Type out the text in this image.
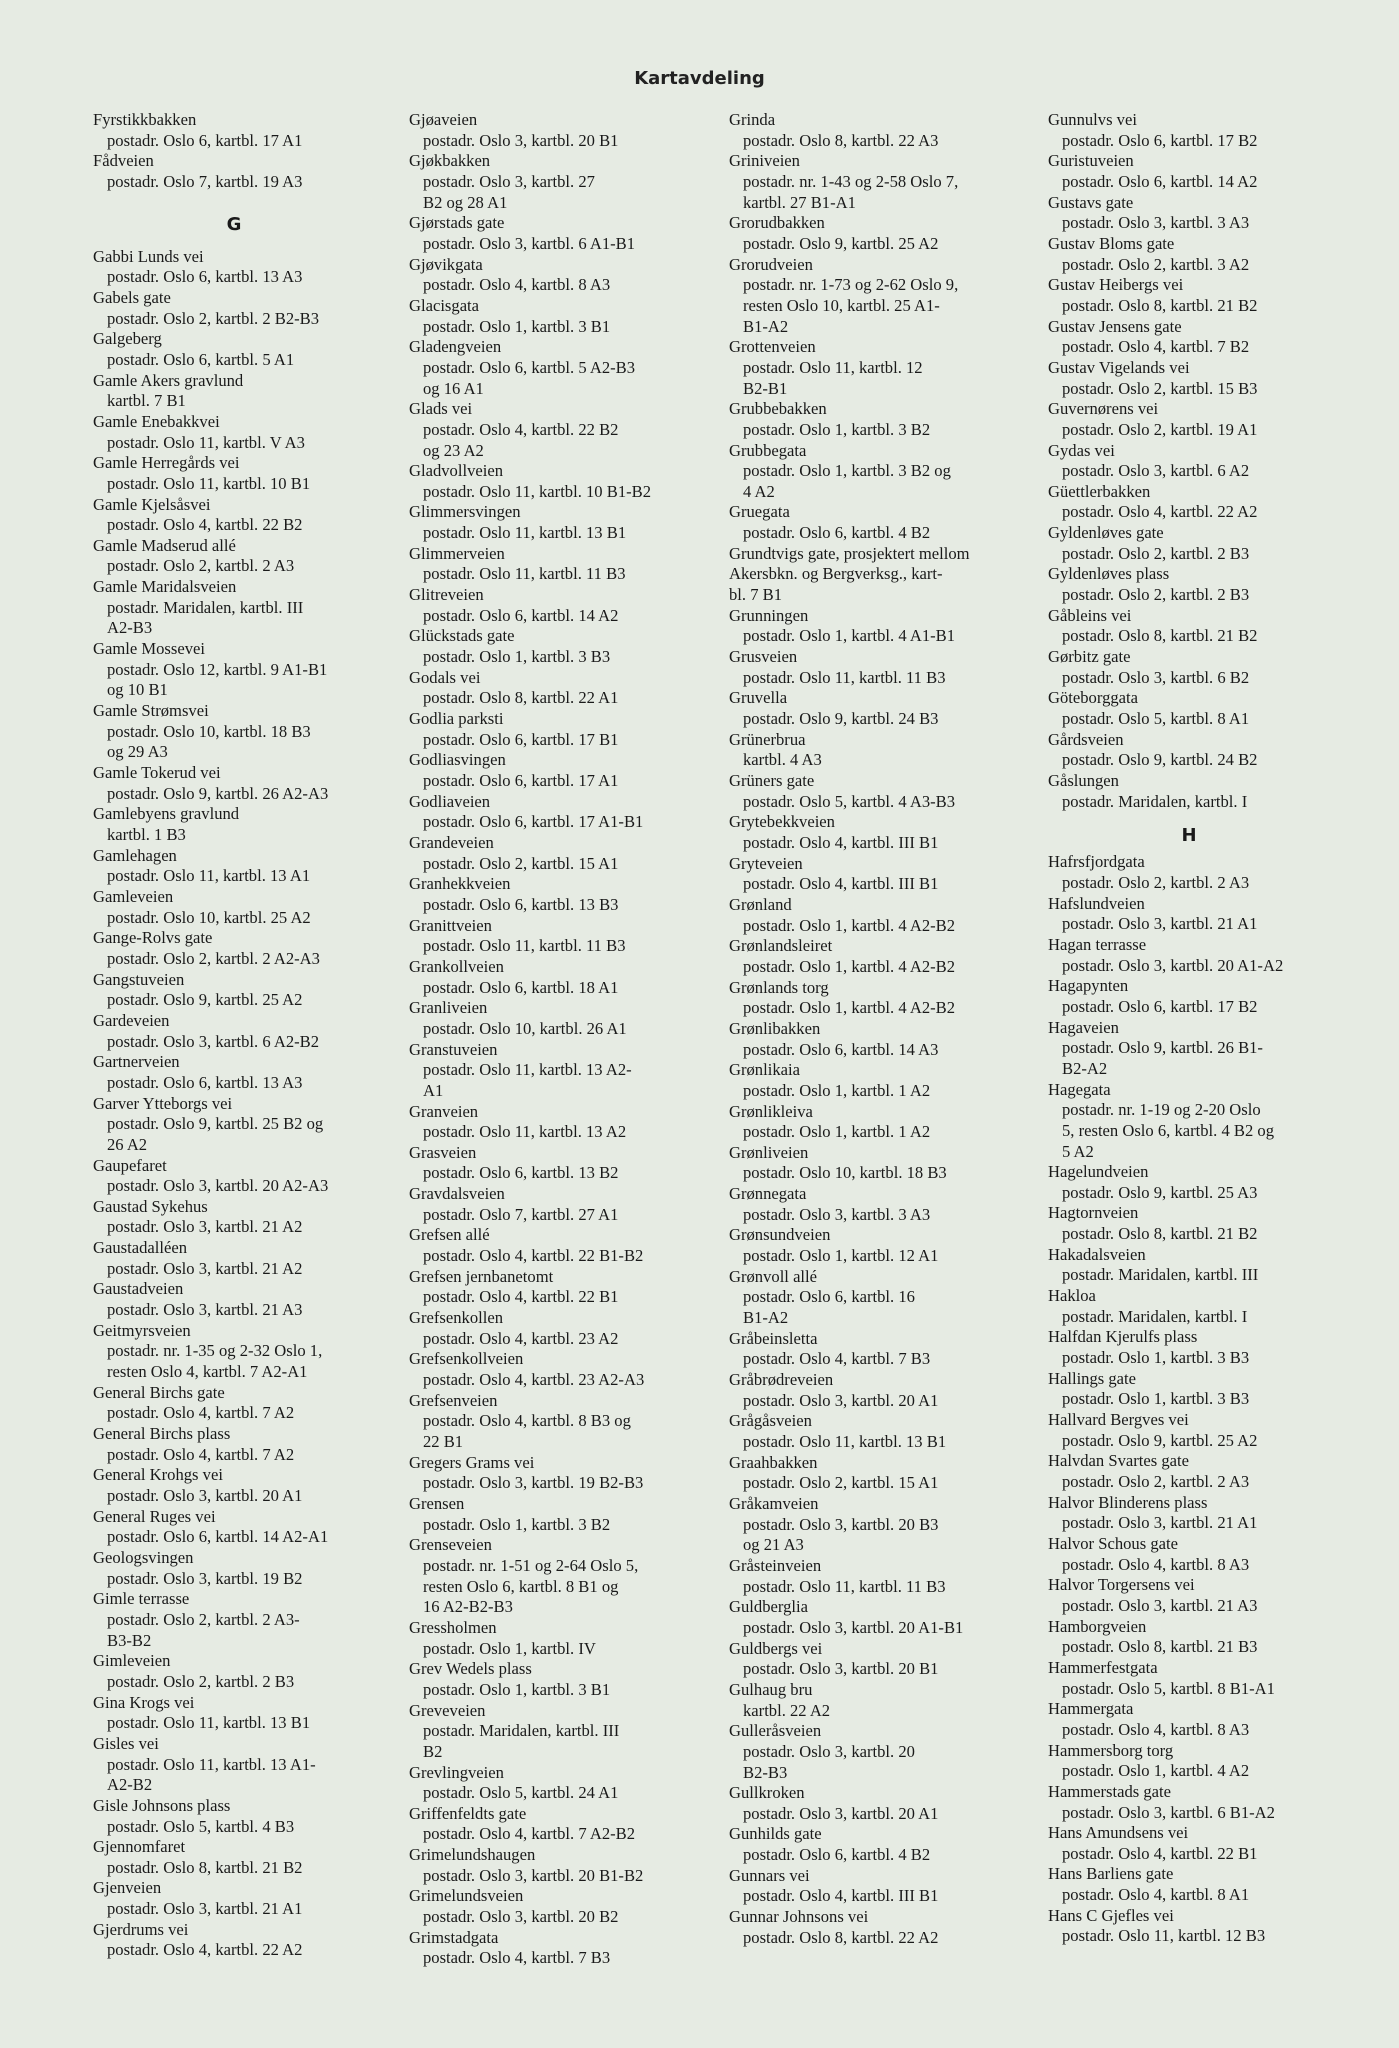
Kartavdeling
Fyrstikkbakken
postadr. Oslo 6, kartbl. 17 A1
Fådveien
postadr. Oslo 7, kartbl. 19 A3
G
Gabbi Lunds vei
postadr. Oslo 6, kartbl. 13 A3
Gabels gate
postadr. Oslo 2, kartbl. 2 B2-B3
Galgeberg
postadr. Oslo 6, kartbl. 5 A1
Gamle Akers gravlund
kartbl. 7 B1
Gamle Enebakkvei
postadr. Oslo 11, kartbl. V A3
Gamle Herregårds vei
postadr. Oslo 11, kartbl. 10 B1
Gamle Kjelsåsvei
postadr. Oslo 4, kartbl. 22 B2
Gamle Madserud allé
postadr. Oslo 2, kartbl. 2 A3
Gamle Maridalsveien
postadr. Maridalen, kartbl. III
A2-B3
Gamle Mossevei
postadr. Oslo 12, kartbl. 9 A1-B1
og 10 B1
Gamle Strømsvei
postadr. Oslo 10, kartbl. 18 B3
og 29 A3
Gamle Tokerud vei
postadr. Oslo 9, kartbl. 26 A2-A3
Gamlebyens gravlund
kartbl. 1 B3
Gamlehagen
postadr. Oslo 11, kartbl. 13 A1
Gamleveien
postadr. Oslo 10, kartbl. 25 A2
Gange-Rolvs gate
postadr. Oslo 2, kartbl. 2 A2-A3
Gangstuveien
postadr. Oslo 9, kartbl. 25 A2
Gardeveien
postadr. Oslo 3, kartbl. 6 A2-B2
Gartnerveien
postadr. Oslo 6, kartbl. 13 A3
Garver Ytteborgs vei
postadr. Oslo 9, kartbl. 25 B2 og
26 A2
Gaupefaret
postadr. Oslo 3, kartbl. 20 A2-A3
Gaustad Sykehus
postadr. Oslo 3, kartbl. 21 A2
Gaustadalléen
postadr. Oslo 3, kartbl. 21 A2
Gaustadveien
postadr. Oslo 3, kartbl. 21 A3
Geitmyrsveien
postadr. nr. 1-35 og 2-32 Oslo 1,
resten Oslo 4, kartbl. 7 A2-A1
General Birchs gate
postadr. Oslo 4, kartbl. 7 A2
General Birchs plass
postadr. Oslo 4, kartbl. 7 A2
General Krohgs vei
postadr. Oslo 3, kartbl. 20 A1
General Ruges vei
postadr. Oslo 6, kartbl. 14 A2-A1
Geologsvingen
postadr. Oslo 3, kartbl. 19 B2
Gimle terrasse
postadr. Oslo 2, kartbl. 2 A3-
B3-B2
Gimleveien
postadr. Oslo 2, kartbl. 2 B3
Gina Krogs vei
postadr. Oslo 11, kartbl. 13 B1
Gisles vei
postadr. Oslo 11, kartbl. 13 A1-
A2-B2
Gisle Johnsons plass
postadr. Oslo 5, kartbl. 4 B3
Gjennomfaret
postadr. Oslo 8, kartbl. 21 B2
Gjenveien
postadr. Oslo 3, kartbl. 21 A1
Gjerdrums vei
postadr. Oslo 4, kartbl. 22 A2
Gjøaveien
postadr. Oslo 3, kartbl. 20 B1
Gjøkbakken
postadr. Oslo 3, kartbl. 27
B2 og 28 A1
Gjørstads gate
postadr. Oslo 3, kartbl. 6 A1-B1
Gjøvikgata
postadr. Oslo 4, kartbl. 8 A3
Glacisgata
postadr. Oslo 1, kartbl. 3 B1
Gladengveien
postadr. Oslo 6, kartbl. 5 A2-B3
og 16 A1
Glads vei
postadr. Oslo 4, kartbl. 22 B2
og 23 A2
Gladvollveien
postadr. Oslo 11, kartbl. 10 B1-B2
Glimmersvingen
postadr. Oslo 11, kartbl. 13 B1
Glimmerveien
postadr. Oslo 11, kartbl. 11 B3
Glitreveien
postadr. Oslo 6, kartbl. 14 A2
Glückstads gate
postadr. Oslo 1, kartbl. 3 B3
Godals vei
postadr. Oslo 8, kartbl. 22 A1
Godlia parksti
postadr. Oslo 6, kartbl. 17 B1
Godliasvingen
postadr. Oslo 6, kartbl. 17 A1
Godliaveien
postadr. Oslo 6, kartbl. 17 A1-B1
Grandeveien
postadr. Oslo 2, kartbl. 15 A1
Granhekkveien
postadr. Oslo 6, kartbl. 13 B3
Granittveien
postadr. Oslo 11, kartbl. 11 B3
Grankollveien
postadr. Oslo 6, kartbl. 18 A1
Granliveien
postadr. Oslo 10, kartbl. 26 A1
Granstuveien
postadr. Oslo 11, kartbl. 13 A2-
A1
Granveien
postadr. Oslo 11, kartbl. 13 A2
Grasveien
postadr. Oslo 6, kartbl. 13 B2
Gravdalsveien
postadr. Oslo 7, kartbl. 27 A1
Grefsen allé
postadr. Oslo 4, kartbl. 22 B1-B2
Grefsen jernbanetomt
postadr. Oslo 4, kartbl. 22 B1
Grefsenkollen
postadr. Oslo 4, kartbl. 23 A2
Grefsenkollveien
postadr. Oslo 4, kartbl. 23 A2-A3
Grefsenveien
postadr. Oslo 4, kartbl. 8 B3 og
22 B1
Gregers Grams vei
postadr. Oslo 3, kartbl. 19 B2-B3
Grensen
postadr. Oslo 1, kartbl. 3 B2
Grenseveien
postadr. nr. 1-51 og 2-64 Oslo 5,
resten Oslo 6, kartbl. 8 B1 og
16 A2-B2-B3
Gressholmen
postadr. Oslo 1, kartbl. IV
Grev Wedels plass
postadr. Oslo 1, kartbl. 3 B1
Greveveien
postadr. Maridalen, kartbl. III
B2
Grevlingveien
postadr. Oslo 5, kartbl. 24 A1
Griffenfeldts gate
postadr. Oslo 4, kartbl. 7 A2-B2
Grimelundshaugen
postadr. Oslo 3, kartbl. 20 B1-B2
Grimelundsveien
postadr. Oslo 3, kartbl. 20 B2
Grimstadgata
postadr. Oslo 4, kartbl. 7 B3
Grinda
postadr. Oslo 8, kartbl. 22 A3
Griniveien
postadr. nr. 1-43 og 2-58 Oslo 7,
kartbl. 27 B1-A1
Grorudbakken
postadr. Oslo 9, kartbl. 25 A2
Grorudveien
postadr. nr. 1-73 og 2-62 Oslo 9,
resten Oslo 10, kartbl. 25 A1-
B1-A2
Grottenveien
postadr. Oslo 11, kartbl. 12
B2-B1
Grubbebakken
postadr. Oslo 1, kartbl. 3 B2
Grubbegata
postadr. Oslo 1, kartbl. 3 B2 og
4 A2
Gruegata
postadr. Oslo 6, kartbl. 4 B2
Grundtvigs gate, prosjektert mellom
Akersbkn. og Bergverksg., kart-
bl. 7 B1
Grunningen
postadr. Oslo 1, kartbl. 4 A1-B1
Grusveien
postadr. Oslo 11, kartbl. 11 B3
Gruvella
postadr. Oslo 9, kartbl. 24 B3
Grünerbrua
kartbl. 4 A3
Grüners gate
postadr. Oslo 5, kartbl. 4 A3-B3
Grytebekkveien
postadr. Oslo 4, kartbl. III B1
Gryteveien
postadr. Oslo 4, kartbl. III B1
Grønland
postadr. Oslo 1, kartbl. 4 A2-B2
Grønlandsleiret
postadr. Oslo 1, kartbl. 4 A2-B2
Grønlands torg
postadr. Oslo 1, kartbl. 4 A2-B2
Grønlibakken
postadr. Oslo 6, kartbl. 14 A3
Grønlikaia
postadr. Oslo 1, kartbl. 1 A2
Grønlikleiva
postadr. Oslo 1, kartbl. 1 A2
Grønliveien
postadr. Oslo 10, kartbl. 18 B3
Grønnegata
postadr. Oslo 3, kartbl. 3 A3
Grønsundveien
postadr. Oslo 1, kartbl. 12 A1
Grønvoll allé
postadr. Oslo 6, kartbl. 16
B1-A2
Gråbeinsletta
postadr. Oslo 4, kartbl. 7 B3
Gråbrødreveien
postadr. Oslo 3, kartbl. 20 A1
Grågåsveien
postadr. Oslo 11, kartbl. 13 B1
Graahbakken
postadr. Oslo 2, kartbl. 15 A1
Gråkamveien
postadr. Oslo 3, kartbl. 20 B3
og 21 A3
Gråsteinveien
postadr. Oslo 11, kartbl. 11 B3
Guldberglia
postadr. Oslo 3, kartbl. 20 A1-B1
Guldbergs vei
postadr. Oslo 3, kartbl. 20 B1
Gulhaug bru
kartbl. 22 A2
Gulleråsveien
postadr. Oslo 3, kartbl. 20
B2-B3
Gullkroken
postadr. Oslo 3, kartbl. 20 A1
Gunhilds gate
postadr. Oslo 6, kartbl. 4 B2
Gunnars vei
postadr. Oslo 4, kartbl. III B1
Gunnar Johnsons vei
postadr. Oslo 8, kartbl. 22 A2
Gunnulvs vei
postadr. Oslo 6, kartbl. 17 B2
Guristuveien
postadr. Oslo 6, kartbl. 14 A2
Gustavs gate
postadr. Oslo 3, kartbl. 3 A3
Gustav Bloms gate
postadr. Oslo 2, kartbl. 3 A2
Gustav Heibergs vei
postadr. Oslo 8, kartbl. 21 B2
Gustav Jensens gate
postadr. Oslo 4, kartbl. 7 B2
Gustav Vigelands vei
postadr. Oslo 2, kartbl. 15 B3
Guvernørens vei
postadr. Oslo 2, kartbl. 19 A1
Gydas vei
postadr. Oslo 3, kartbl. 6 A2
Güettlerbakken
postadr. Oslo 4, kartbl. 22 A2
Gyldenløves gate
postadr. Oslo 2, kartbl. 2 B3
Gyldenløves plass
postadr. Oslo 2, kartbl. 2 B3
Gåbleins vei
postadr. Oslo 8, kartbl. 21 B2
Gørbitz gate
postadr. Oslo 3, kartbl. 6 B2
Göteborggata
postadr. Oslo 5, kartbl. 8 A1
Gårdsveien
postadr. Oslo 9, kartbl. 24 B2
Gåslungen
postadr. Maridalen, kartbl. I
H
Hafrsfjordgata
postadr. Oslo 2, kartbl. 2 A3
Hafslundveien
postadr. Oslo 3, kartbl. 21 A1
Hagan terrasse
postadr. Oslo 3, kartbl. 20 A1-A2
Hagapynten
postadr. Oslo 6, kartbl. 17 B2
Hagaveien
postadr. Oslo 9, kartbl. 26 B1-
B2-A2
Hagegata
postadr. nr. 1-19 og 2-20 Oslo
5, resten Oslo 6, kartbl. 4 B2 og
5 A2
Hagelundveien
postadr. Oslo 9, kartbl. 25 A3
Hagtornveien
postadr. Oslo 8, kartbl. 21 B2
Hakadalsveien
postadr. Maridalen, kartbl. III
Hakloa
postadr. Maridalen, kartbl. I
Halfdan Kjerulfs plass
postadr. Oslo 1, kartbl. 3 B3
Hallings gate
postadr. Oslo 1, kartbl. 3 B3
Hallvard Bergves vei
postadr. Oslo 9, kartbl. 25 A2
Halvdan Svartes gate
postadr. Oslo 2, kartbl. 2 A3
Halvor Blinderens plass
postadr. Oslo 3, kartbl. 21 A1
Halvor Schous gate
postadr. Oslo 4, kartbl. 8 A3
Halvor Torgersens vei
postadr. Oslo 3, kartbl. 21 A3
Hamborgveien
postadr. Oslo 8, kartbl. 21 B3
Hammerfestgata
postadr. Oslo 5, kartbl. 8 B1-A1
Hammergata
postadr. Oslo 4, kartbl. 8 A3
Hammersborg torg
postadr. Oslo 1, kartbl. 4 A2
Hammerstads gate
postadr. Oslo 3, kartbl. 6 B1-A2
Hans Amundsens vei
postadr. Oslo 4, kartbl. 22 B1
Hans Barliens gate
postadr. Oslo 4, kartbl. 8 A1
Hans C Gjefles vei
postadr. Oslo 11, kartbl. 12 B3
